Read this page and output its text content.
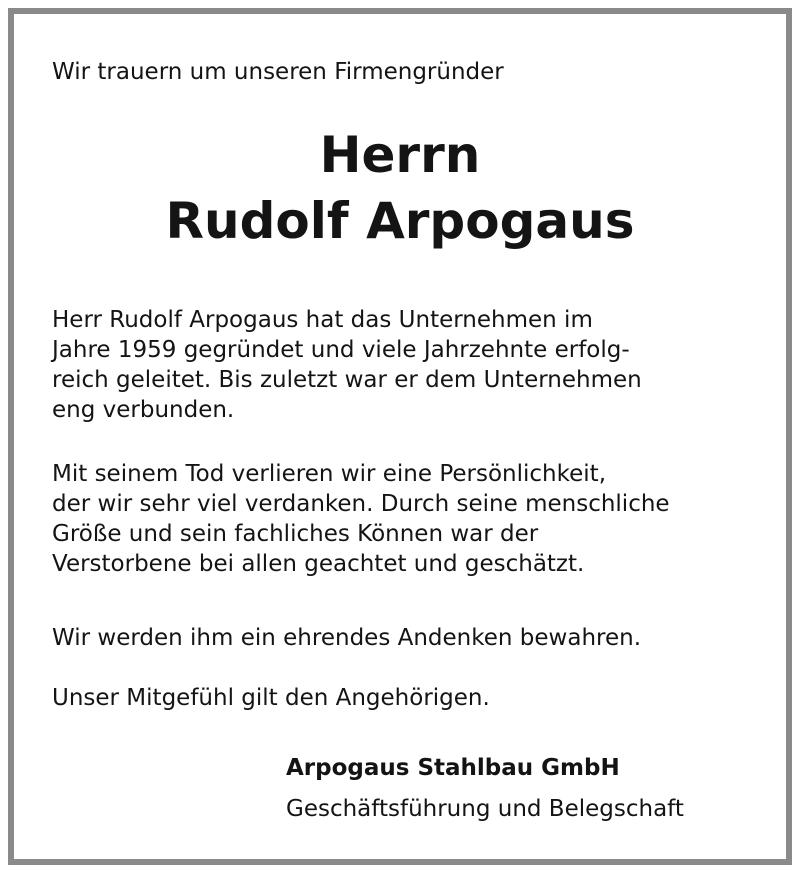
Wir trauern um unseren Firmengründer
Herrn
Rudolf Arpogaus
Herr Rudolf Arpogaus hat das Unternehmen im
Jahre 1959 gegründet und viele Jahrzehnte erfolg-
reich geleitet. Bis zuletzt war er dem Unternehmen
eng verbunden.
Mit seinem Tod verlieren wir eine Persönlichkeit,
der wir sehr viel verdanken. Durch seine menschliche
Größe und sein fachliches Können war der
Verstorbene bei allen geachtet und geschätzt.
Wir werden ihm ein ehrendes Andenken bewahren.
Unser Mitgefühl gilt den Angehörigen.
Arpogaus Stahlbau GmbH
Geschäftsführung und Belegschaft
